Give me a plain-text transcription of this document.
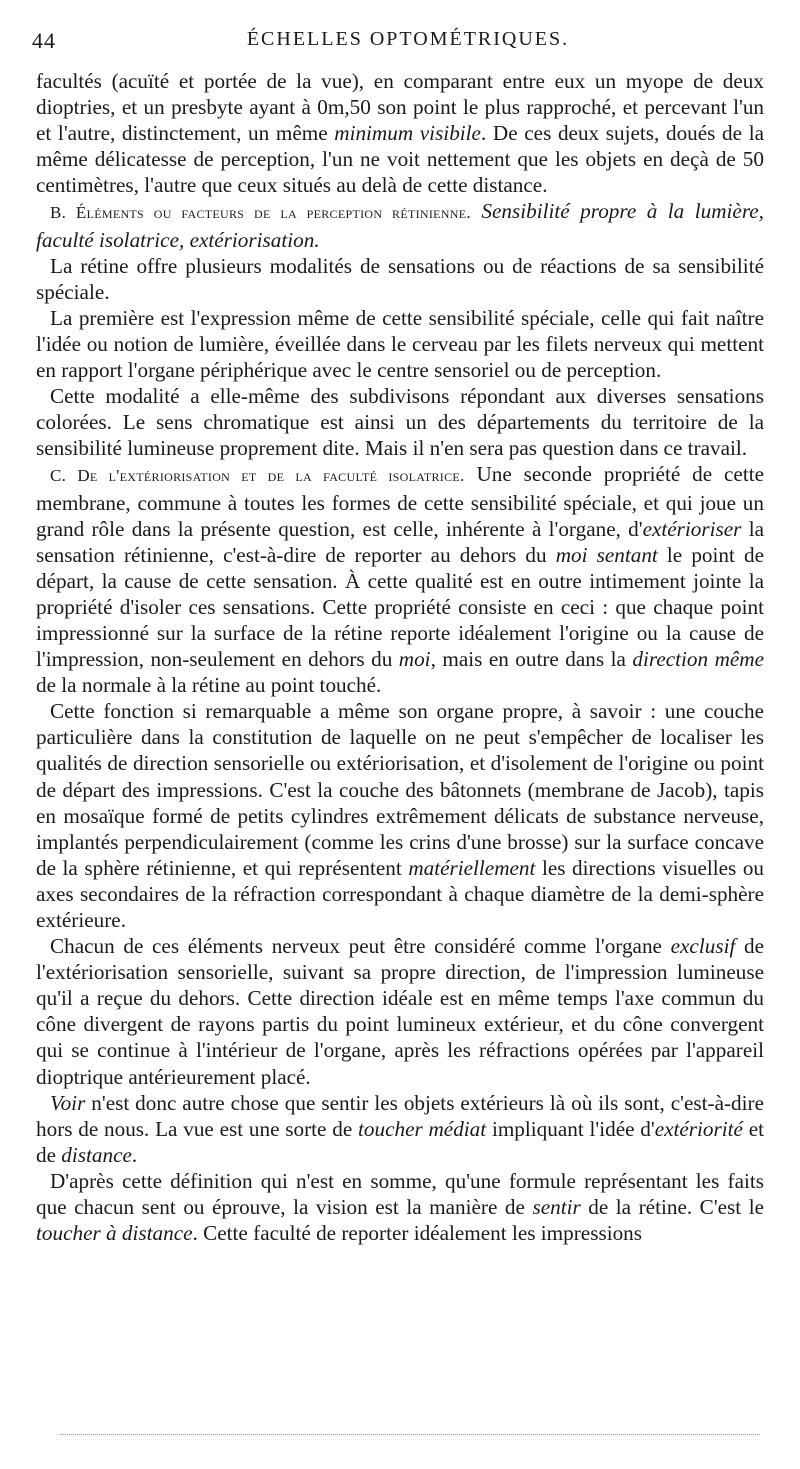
44	ÉCHELLES OPTOMÉTRIQUES.

facultés (acuïté et portée de la vue), en comparant entre eux un myope de deux dioptries, et un presbyte ayant à 0m,50 son point le plus rapproché, et percevant l'un et l'autre, distinctement, un même minimum visibile. De ces deux sujets, doués de la même délicatesse de perception, l'un ne voit nettement que les objets en deçà de 50 centimètres, l'autre que ceux situés au delà de cette distance.

B. Éléments ou facteurs de la perception rétinienne. Sensibilité propre à la lumière, faculté isolatrice, extériorisation.

La rétine offre plusieurs modalités de sensations ou de réactions de sa sensibilité spéciale.

La première est l'expression même de cette sensibilité spéciale, celle qui fait naître l'idée ou notion de lumière, éveillée dans le cerveau par les filets nerveux qui mettent en rapport l'organe périphérique avec le centre sensoriel ou de perception.

Cette modalité a elle-même des subdivisons répondant aux diverses sensations colorées. Le sens chromatique est ainsi un des départements du territoire de la sensibilité lumineuse proprement dite. Mais il n'en sera pas question dans ce travail.

C. De l'extériorisation et de la faculté isolatrice. Une seconde propriété de cette membrane, commune à toutes les formes de cette sensibilité spéciale, et qui joue un grand rôle dans la présente question, est celle, inhérente à l'organe, d'extérioriser la sensation rétinienne, c'est-à-dire de reporter au dehors du moi sentant le point de départ, la cause de cette sensation. À cette qualité est en outre intimement jointe la propriété d'isoler ces sensations. Cette propriété consiste en ceci : que chaque point impressionné sur la surface de la rétine reporte idéalement l'origine ou la cause de l'impression, non-seulement en dehors du moi, mais en outre dans la direction même de la normale à la rétine au point touché.

Cette fonction si remarquable a même son organe propre, à savoir : une couche particulière dans la constitution de laquelle on ne peut s'empêcher de localiser les qualités de direction sensorielle ou extériorisation, et d'isolement de l'origine ou point de départ des impressions. C'est la couche des bâtonnets (membrane de Jacob), tapis en mosaïque formé de petits cylindres extrêmement délicats de substance nerveuse, implantés perpendiculairement (comme les crins d'une brosse) sur la surface concave de la sphère rétinienne, et qui représentent matériellement les directions visuelles ou axes secondaires de la réfraction correspondant à chaque diamètre de la demi-sphère extérieure.

Chacun de ces éléments nerveux peut être considéré comme l'organe exclusif de l'extériorisation sensorielle, suivant sa propre direction, de l'impression lumineuse qu'il a reçue du dehors. Cette direction idéale est en même temps l'axe commun du cône divergent de rayons partis du point lumineux extérieur, et du cône convergent qui se continue à l'intérieur de l'organe, après les réfractions opérées par l'appareil dioptrique antérieurement placé.

Voir n'est donc autre chose que sentir les objets extérieurs là où ils sont, c'est-à-dire hors de nous. La vue est une sorte de toucher médiat impliquant l'idée d'extériorité et de distance.

D'après cette définition qui n'est en somme, qu'une formule représentant les faits que chacun sent ou éprouve, la vision est la manière de sentir de la rétine. C'est le toucher à distance. Cette faculté de reporter idéalement les impressions
